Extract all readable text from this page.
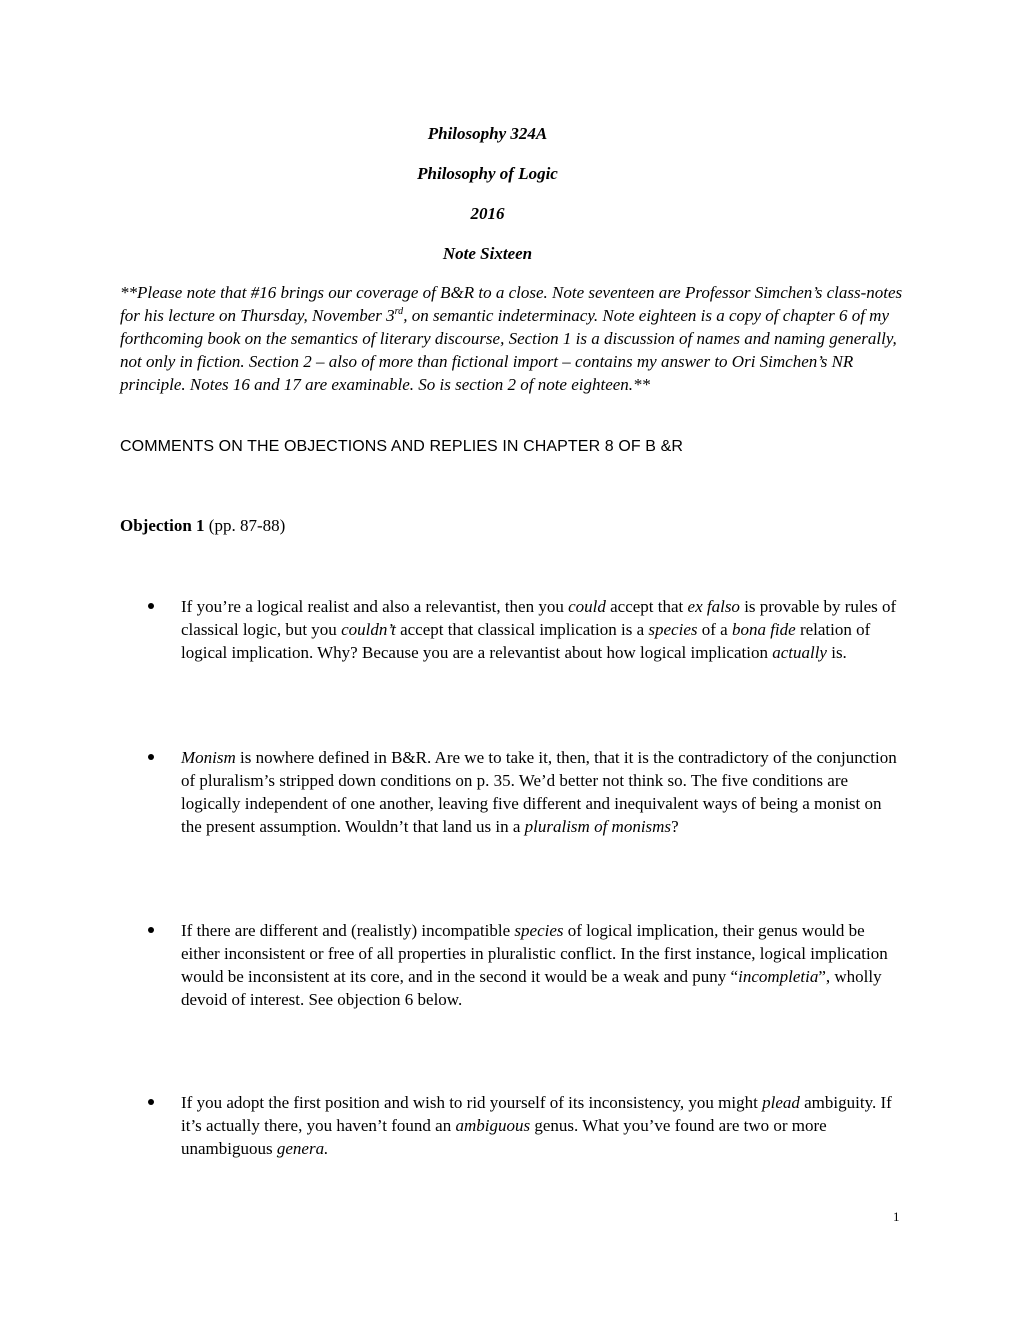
Philosophy 324A

Philosophy of Logic

2016

Note Sixteen

**Please note that #16 brings our coverage of B&R to a close. Note seventeen are Professor Simchen’s class-notes for his lecture on Thursday, November 3rd, on semantic indeterminacy. Note eighteen is a copy of chapter 6 of my forthcoming book on the semantics of literary discourse, Section 1 is a discussion of names and naming generally, not only in fiction. Section 2 – also of more than fictional import – contains my answer to Ori Simchen’s NR principle. Notes 16 and 17 are examinable. So is section 2 of note eighteen.**

COMMENTS ON THE OBJECTIONS AND REPLIES IN CHAPTER 8 OF B &R

Objection 1 (pp. 87-88)

If you’re a logical realist and also a relevantist, then you could accept that ex falso is provable by rules of classical logic, but you couldn’t accept that classical implication is a species of a bona fide relation of logical implication. Why? Because you are a relevantist about how logical implication actually is.

Monism is nowhere defined in B&R. Are we to take it, then, that it is the contradictory of the conjunction of pluralism’s stripped down conditions on p. 35. We’d better not think so. The five conditions are logically independent of one another, leaving five different and inequivalent ways of being a monist on the present assumption. Wouldn’t that land us in a pluralism of monisms?

If there are different and (realistly) incompatible species of logical implication, their genus would be either inconsistent or free of all properties in pluralistic conflict. In the first instance, logical implication would be inconsistent at its core, and in the second it would be a weak and puny “incompletia”, wholly devoid of interest. See objection 6 below.

If you adopt the first position and wish to rid yourself of its inconsistency, you might plead ambiguity. If it’s actually there, you haven’t found an ambiguous genus. What you’ve found are two or more unambiguous genera.

1
